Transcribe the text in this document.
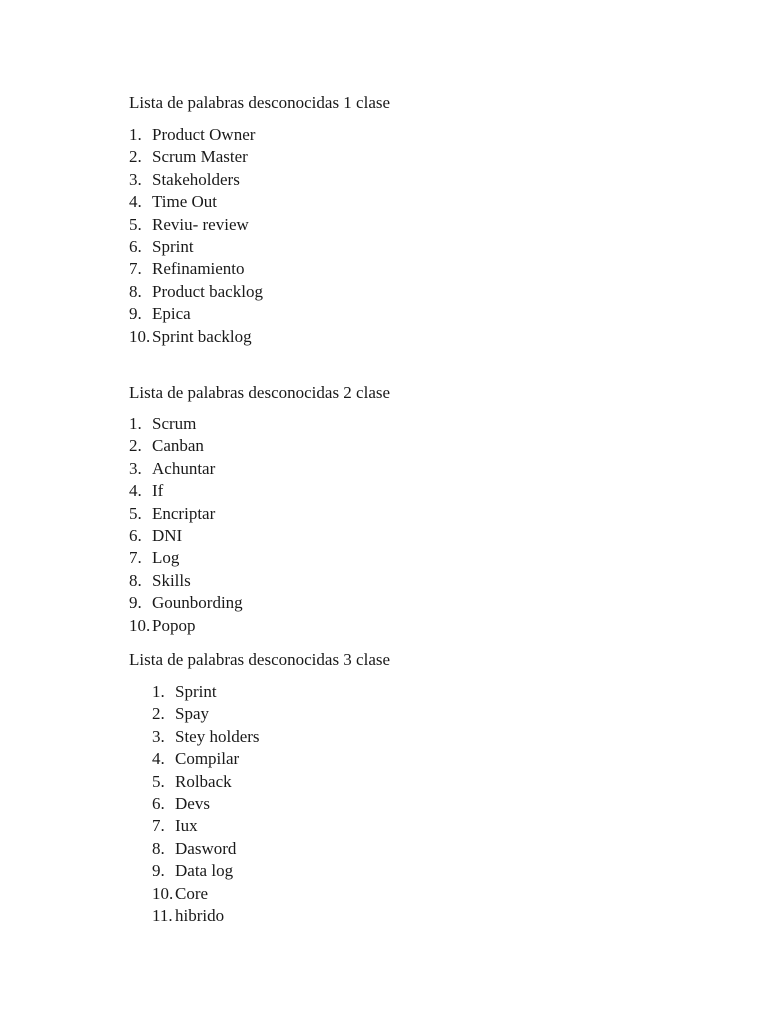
Lista de palabras desconocidas 1 clase
1. Product Owner
2. Scrum Master
3. Stakeholders
4. Time Out
5. Reviu- review
6. Sprint
7. Refinamiento
8. Product backlog
9. Epica
10. Sprint backlog
Lista de palabras desconocidas 2 clase
1. Scrum
2. Canban
3. Achuntar
4. If
5. Encriptar
6. DNI
7. Log
8. Skills
9. Gounbording
10. Popop
Lista de palabras desconocidas 3 clase
1. Sprint
2. Spay
3. Stey holders
4. Compilar
5. Rolback
6. Devs
7. Iux
8. Dasword
9. Data log
10. Core
11. hibrido
